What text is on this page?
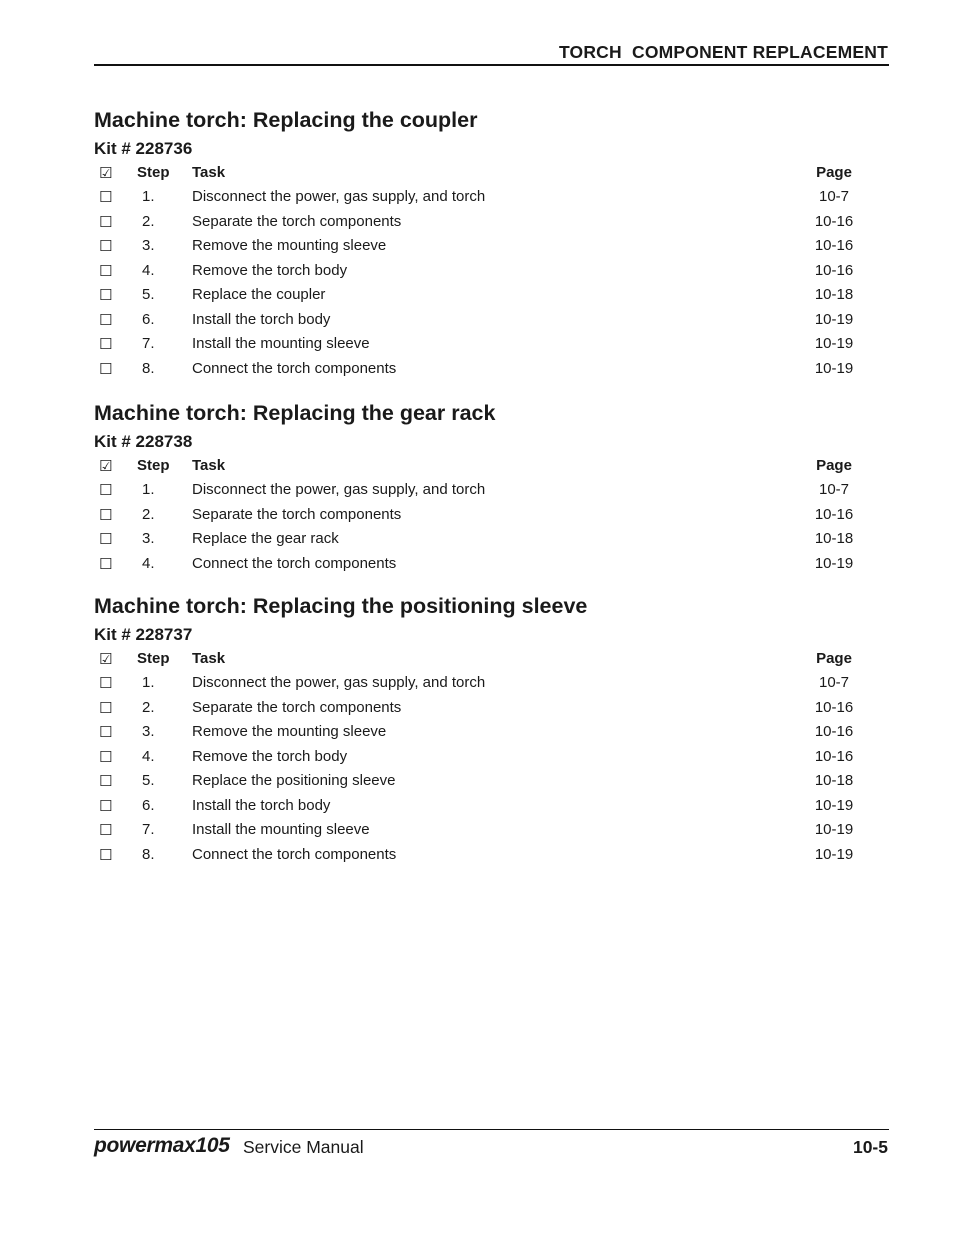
TORCH  COMPONENT REPLACEMENT
Machine torch: Replacing the coupler
Kit # 228736
☑ Step Task	Page
☐ 1. Disconnect the power, gas supply, and torch	10-7
☐ 2. Separate the torch components	10-16
☐ 3. Remove the mounting sleeve	10-16
☐ 4. Remove the torch body	10-16
☐ 5. Replace the coupler	10-18
☐ 6. Install the torch body	10-19
☐ 7. Install the mounting sleeve	10-19
☐ 8. Connect the torch components	10-19
Machine torch: Replacing the gear rack
Kit # 228738
☑ Step Task	Page
☐ 1. Disconnect the power, gas supply, and torch	10-7
☐ 2. Separate the torch components	10-16
☐ 3. Replace the gear rack	10-18
☐ 4. Connect the torch components	10-19
Machine torch: Replacing the positioning sleeve
Kit # 228737
☑ Step Task	Page
☐ 1. Disconnect the power, gas supply, and torch	10-7
☐ 2. Separate the torch components	10-16
☐ 3. Remove the mounting sleeve	10-16
☐ 4. Remove the torch body	10-16
☐ 5. Replace the positioning sleeve	10-18
☐ 6. Install the torch body	10-19
☐ 7. Install the mounting sleeve	10-19
☐ 8. Connect the torch components	10-19
powermax105 Service Manual	10-5
